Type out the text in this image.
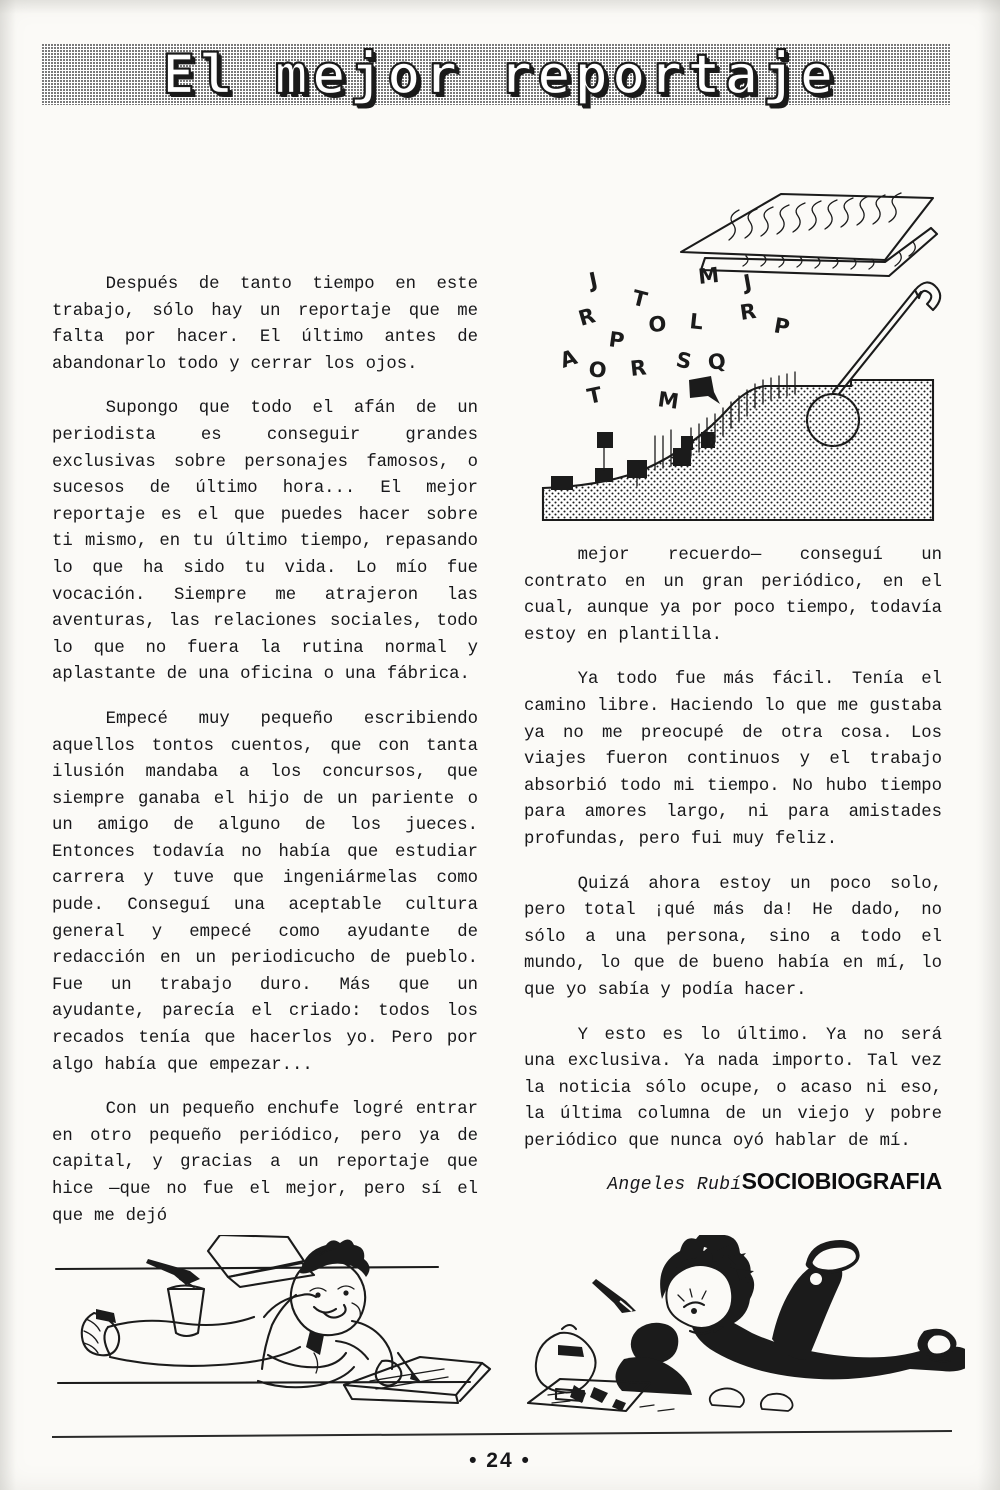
El mejor reportaje
J
T
M J
R
P
O L R
P
A O R S Q
T M

Después de tanto tiempo en este trabajo, sólo hay un reportaje que me falta por hacer. El último antes de abandonarlo todo y cerrar los ojos.

Supongo que todo el afán de un periodista es conseguir grandes exclusivas sobre personajes famosos, o sucesos de último hora... El mejor reportaje es el que puedes hacer sobre ti mismo, en tu último tiempo, repasando lo que ha sido tu vida. Lo mío fue vocación. Siempre me atrajeron las aventuras, las relaciones sociales, todo lo que no fuera la rutina normal y aplastante de una oficina o una fábrica.

Empecé muy pequeño escribiendo aquellos tontos cuentos, que con tanta ilusión mandaba a los concursos, que siempre ganaba el hijo de un pariente o un amigo de alguno de los jueces. Entonces todavía no había que estudiar carrera y tuve que ingeniármelas como pude. Conseguí una aceptable cultura general y empecé como ayudante de redacción en un periodicucho de pueblo. Fue un trabajo duro. Más que un ayudante, parecía el criado: todos los recados tenía que hacerlos yo. Pero por algo había que empezar...

Con un pequeño enchufe logré entrar en otro pequeño periódico, pero ya de capital, y gracias a un reportaje que hice —que no fue el mejor, pero sí el que me dejó

mejor recuerdo— conseguí un contrato en un gran periódico, en el cual, aunque ya por poco tiempo, todavía estoy en plantilla.

Ya todo fue más fácil. Tenía el camino libre. Haciendo lo que me gustaba ya no me preocupé de otra cosa. Los viajes fueron continuos y el trabajo absorbió todo mi tiempo. No hubo tiempo para amores largo, ni para amistades profundas, pero fui muy feliz.

Quizá ahora estoy un poco solo, pero total ¡qué más da! He dado, no sólo a una persona, sino a todo el mundo, lo que de bueno había en mí, lo que yo sabía y podía hacer.

Y esto es lo último. Ya no será una exclusiva. Ya nada importo. Tal vez la noticia sólo ocupe, o acaso ni eso, la última columna de un viejo y pobre periódico que nunca oyó hablar de mí.

Angeles RubíSOCIOBIOGRAFIA
• 24 •
